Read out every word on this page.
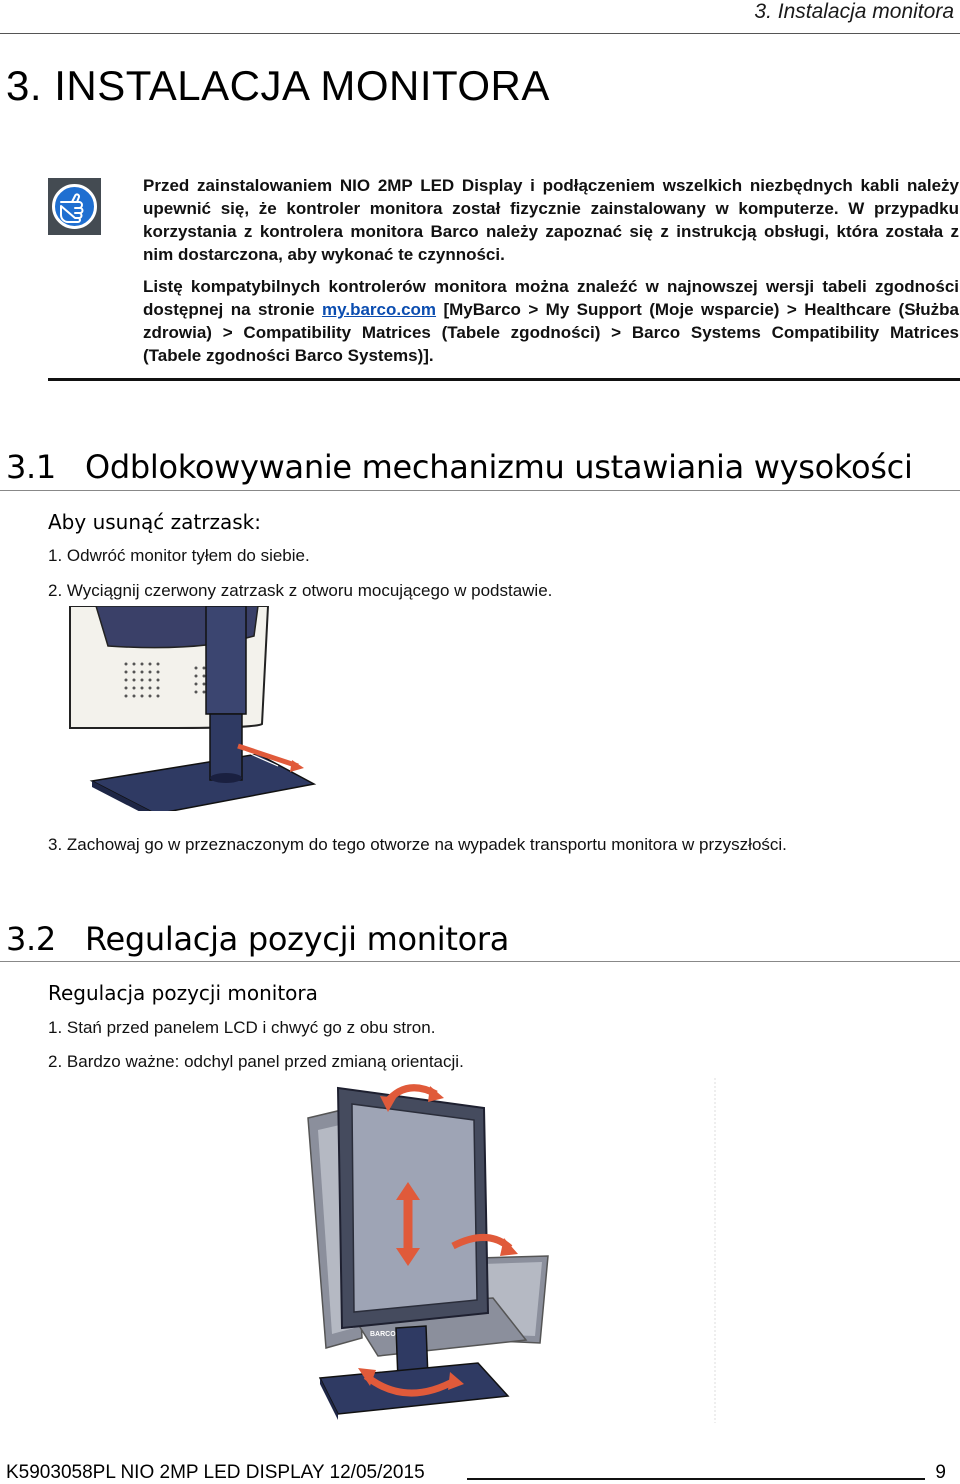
3. Instalacja monitora
3. INSTALACJA MONITORA

Przed zainstalowaniem NIO 2MP LED Display i podłączeniem wszelkich niezbędnych kabli należy upewnić się, że kontroler monitora został fizycznie zainstalowany w komputerze. W przypadku korzystania z kontrolera monitora Barco należy zapoznać się z instrukcją obsługi, która została z nim dostarczona, aby wykonać te czynności.

Listę kompatybilnych kontrolerów monitora można znaleźć w najnowszej wersji tabeli zgodności dostępnej na stronie my.barco.com [MyBarco > My Support (Moje wsparcie) > Healthcare (Służba zdrowia) > Compatibility Matrices (Tabele zgodności) > Barco Systems Compatibility Matrices (Tabele zgodności Barco Systems)].

3.1 Odblokowywanie mechanizmu ustawiania wysokości
Aby usunąć zatrzask:
1. Odwróć monitor tyłem do siebie.
2. Wyciągnij czerwony zatrzask z otworu mocującego w podstawie.
3. Zachowaj go w przeznaczonym do tego otworze na wypadek transportu monitora w przyszłości.
3.2 Regulacja pozycji monitora
Regulacja pozycji monitora
1. Stań przed panelem LCD i chwyć go z obu stron.
2. Bardzo ważne: odchyl panel przed zmianą orientacji.
BARCO
K5903058PL NIO 2MP LED DISPLAY 12/05/2015	9
